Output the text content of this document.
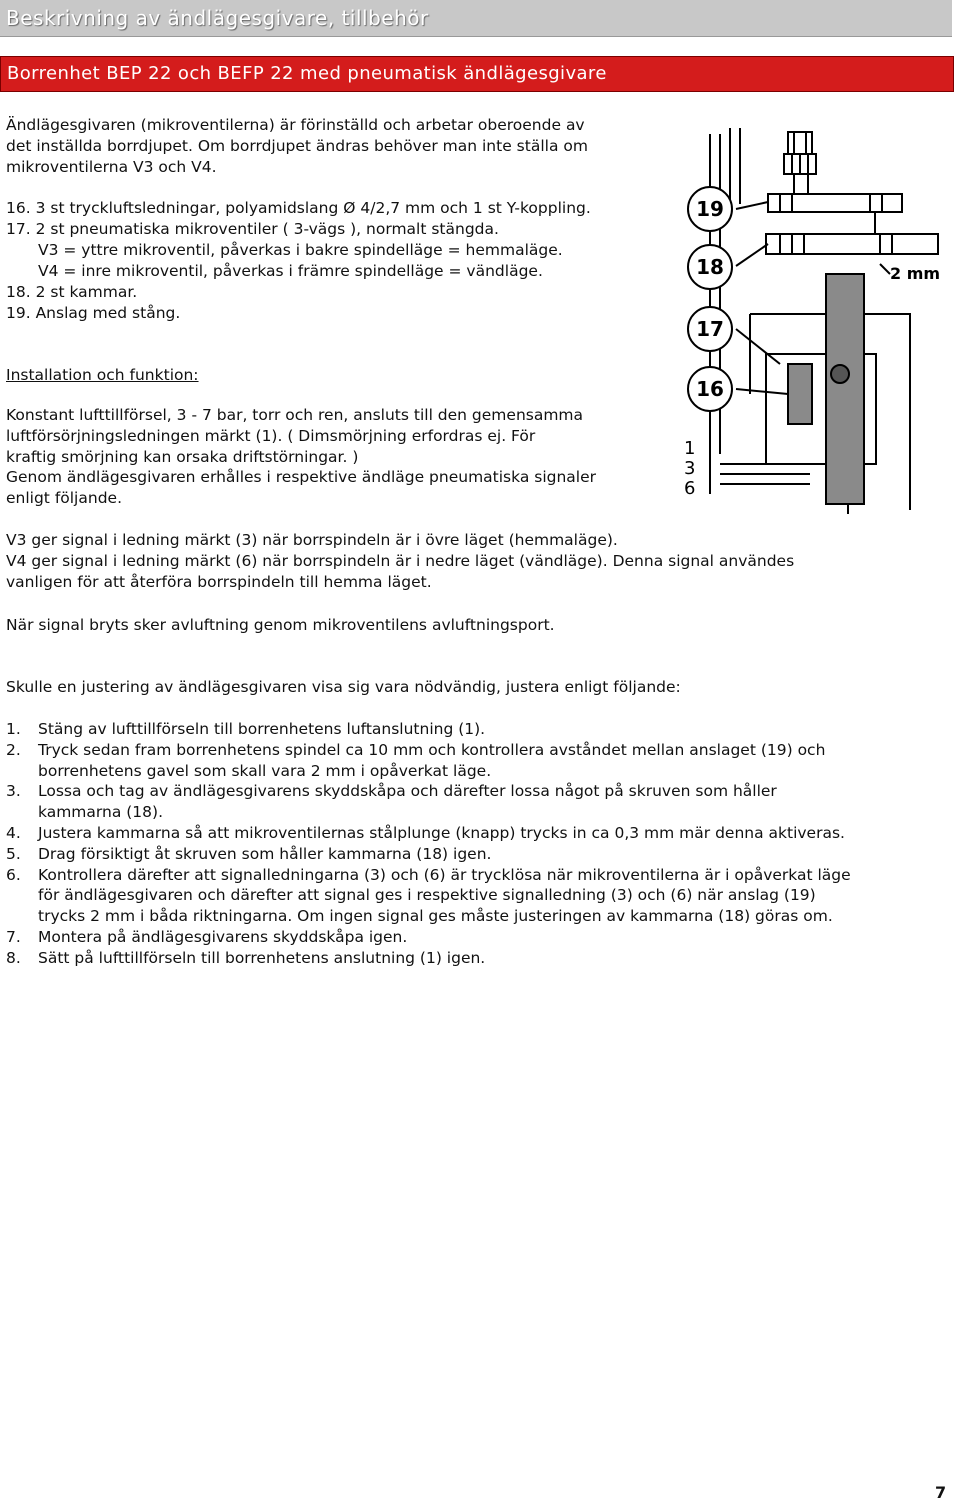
Beskrivning av ändlägesgivare, tillbehör
Borrenhet BEP 22 och BEFP 22 med pneumatisk ändlägesgivare
Ändlägesgivaren (mikroventilerna) är förinställd och arbetar oberoende av
det inställda borrdjupet. Om borrdjupet ändras behöver man inte ställa om
mikroventilerna V3 och V4.
16. 3 st tryckluftsledningar, polyamidslang Ø 4/2,7 mm och 1 st Y-koppling.
17. 2 st pneumatiska mikroventiler ( 3-vägs ), normalt stängda.
V3 = yttre mikroventil, påverkas i bakre spindelläge = hemmaläge.
V4 = inre mikroventil, påverkas i främre spindelläge = vändläge.
18. 2 st kammar.
19. Anslag med stång.
Installation och funktion:
Konstant lufttillförsel, 3 - 7 bar, torr och ren, ansluts till den gemensamma
luftförsörjningsledningen märkt (1). ( Dimsmörjning erfordras ej. För
kraftig smörjning kan orsaka driftstörningar. )
Genom ändlägesgivaren erhålles i respektive ändläge pneumatiska signaler
enligt följande.
V3 ger signal i ledning märkt (3) när borrspindeln är i övre läget (hemmaläge).
V4 ger signal i ledning märkt (6) när borrspindeln är i nedre läget (vändläge). Denna signal användes
vanligen för att återföra borrspindeln till hemma läget.
När signal bryts sker avluftning genom mikroventilens avluftningsport.
Skulle en justering av ändlägesgivaren visa sig vara nödvändig, justera enligt följande:
1.	Stäng av lufttillförseln till borrenhetens luftanslutning (1).
2.	Tryck sedan fram borrenhetens spindel ca 10 mm och kontrollera avståndet mellan anslaget (19) och
borrenhetens gavel som skall vara 2 mm i opåverkat läge.
3.	Lossa och tag av ändlägesgivarens skyddskåpa och därefter lossa något på skruven som håller
kammarna (18).
4.	Justera kammarna så att mikroventilernas stålplunge (knapp) trycks in ca 0,3 mm mär denna aktiveras.
5.	Drag försiktigt åt skruven som håller kammarna (18) igen.
6.	Kontrollera därefter att signalledningarna (3) och (6) är trycklösa när mikroventilerna är i opåverkat läge
för ändlägesgivaren och därefter att signal ges i respektive signalledning (3) och (6) när anslag (19)
trycks 2 mm i båda riktningarna. Om ingen signal ges måste justeringen av kammarna (18) göras om.
7.	Montera på ändlägesgivarens skyddskåpa igen.
8.	Sätt på lufttillförseln till borrenhetens anslutning (1) igen.
19
18
17
16
2 mm
1
3
6
7
